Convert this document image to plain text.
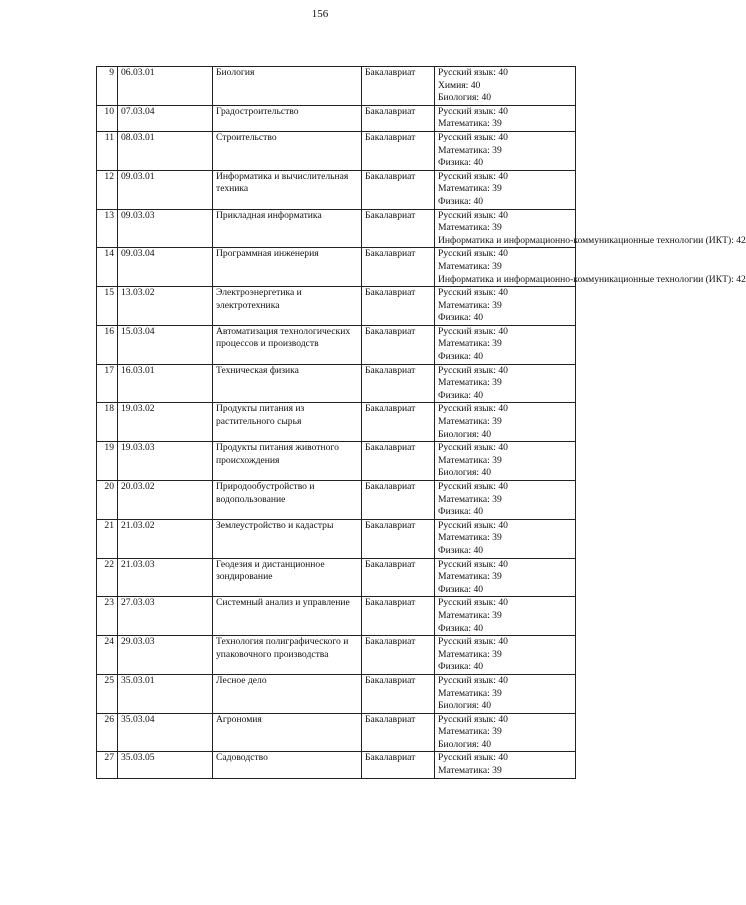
156
9	06.03.01	Биология	Бакалавриат	Русский язык: 40
Химия: 40
Биология: 40

10	07.03.04	Градостроительство	Бакалавриат	Русский язык: 40
Математика: 39

11	08.03.01	Строительство	Бакалавриат	Русский язык: 40
Математика: 39
Физика: 40

12	09.03.01	Информатика и вычислительная техника	Бакалавриат	Русский язык: 40
Математика: 39
Физика: 40

13	09.03.03	Прикладная информатика	Бакалавриат	Русский язык: 40
Математика: 39
Информатика и информационно-коммуникационные технологии (ИКТ): 42

14	09.03.04	Программная инженерия	Бакалавриат	Русский язык: 40
Математика: 39
Информатика и информационно-коммуникационные технологии (ИКТ): 42

15	13.03.02	Электроэнергетика и электротехника	Бакалавриат	Русский язык: 40
Математика: 39
Физика: 40

16	15.03.04	Автоматизация технологических процессов и производств	Бакалавриат	Русский язык: 40
Математика: 39
Физика: 40

17	16.03.01	Техническая физика	Бакалавриат	Русский язык: 40
Математика: 39
Физика: 40

18	19.03.02	Продукты питания из растительного сырья	Бакалавриат	Русский язык: 40
Математика: 39
Биология: 40

19	19.03.03	Продукты питания животного происхождения	Бакалавриат	Русский язык: 40
Математика: 39
Биология: 40

20	20.03.02	Природообустройство и водопользование	Бакалавриат	Русский язык: 40
Математика: 39
Физика: 40

21	21.03.02	Землеустройство и кадастры	Бакалавриат	Русский язык: 40
Математика: 39
Физика: 40

22	21.03.03	Геодезия и дистанционное зондирование	Бакалавриат	Русский язык: 40
Математика: 39
Физика: 40

23	27.03.03	Системный анализ и управление	Бакалавриат	Русский язык: 40
Математика: 39
Физика: 40

24	29.03.03	Технология полиграфического и упаковочного производства	Бакалавриат	Русский язык: 40
Математика: 39
Физика: 40

25	35.03.01	Лесное дело	Бакалавриат	Русский язык: 40
Математика: 39
Биология: 40

26	35.03.04	Агрономия	Бакалавриат	Русский язык: 40
Математика: 39
Биология: 40

27	35.03.05	Садоводство	Бакалавриат	Русский язык: 40
Математика: 39
